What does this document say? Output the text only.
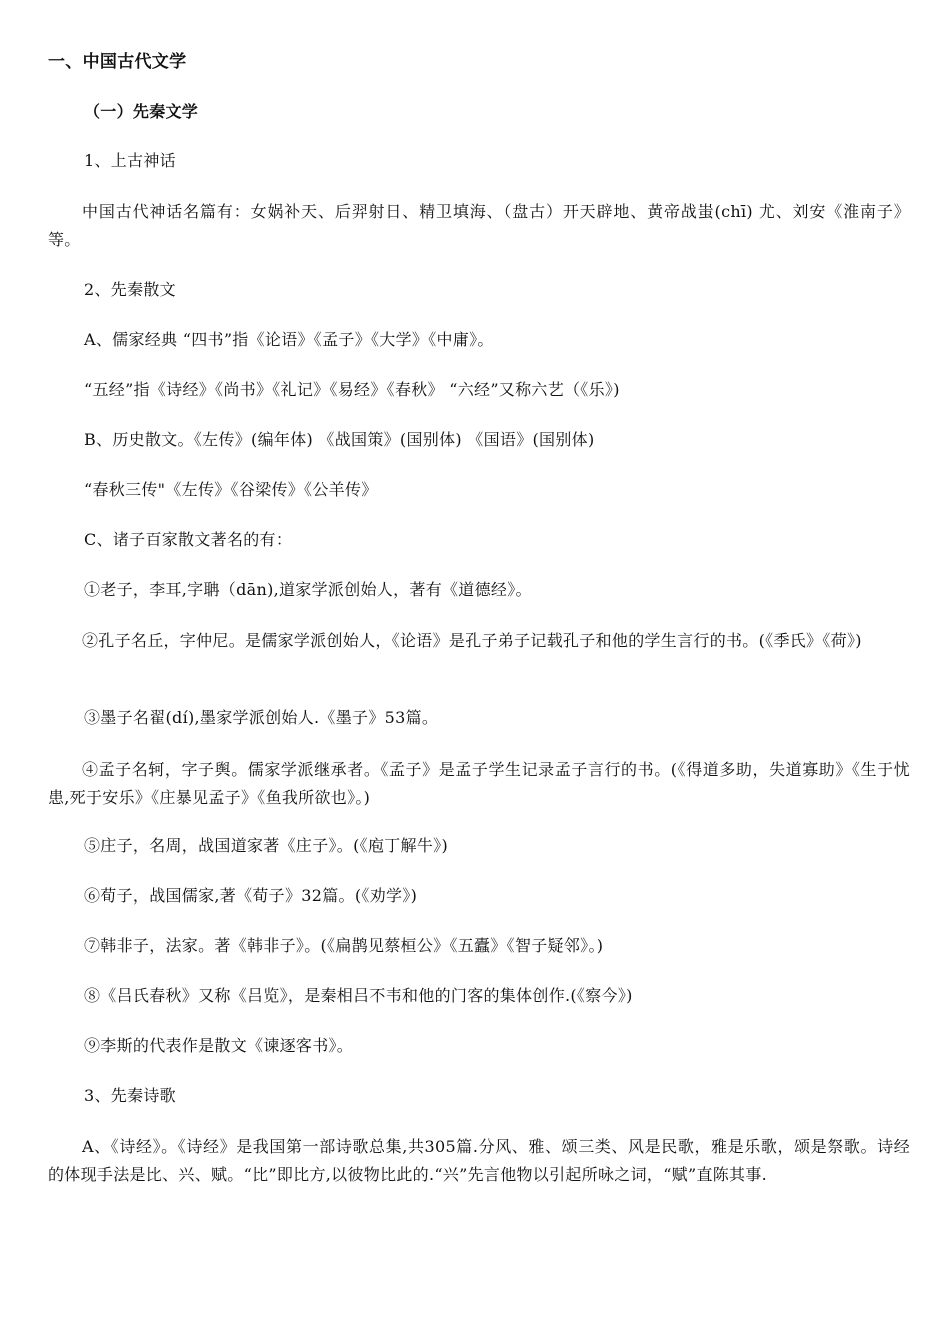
一、中国古代文学
（一）先秦文学
1、上古神话
中国古代神话名篇有：女娲补天、后羿射日、精卫填海、（盘古）开天辟地、黄帝战蚩(chī) 尤、刘安《淮南子》等。
2、先秦散文
A、儒家经典 “四书”指《论语》《孟子》《大学》《中庸》。
“五经”指《诗经》《尚书》《礼记》《易经》《春秋》 “六经”又称六艺（《乐》)
B、历史散文。《左传》(编年体) 《战国策》(国别体) 《国语》(国别体)
“春秋三传"《左传》《谷梁传》《公羊传》
C、诸子百家散文著名的有：
①老子，李耳,字聃（dān),道家学派创始人，著有《道德经》。
②孔子名丘，字仲尼。是儒家学派创始人，《论语》是孔子弟子记载孔子和他的学生言行的书。(《季氏》《荷》)
③墨子名翟(dí),墨家学派创始人.《墨子》53篇。
④孟子名轲，字子舆。儒家学派继承者。《孟子》是孟子学生记录孟子言行的书。(《得道多助，失道寡助》《生于忧患,死于安乐》《庄暴见孟子》《鱼我所欲也》。)
⑤庄子，名周，战国道家著《庄子》。(《庖丁解牛》)
⑥荀子，战国儒家,著《荀子》32篇。(《劝学》)
⑦韩非子，法家。著《韩非子》。(《扁鹊见蔡桓公》《五蠹》《智子疑邻》。)
⑧《吕氏春秋》又称《吕览》，是秦相吕不韦和他的门客的集体创作.(《察今》)
⑨李斯的代表作是散文《谏逐客书》。
3、先秦诗歌
A、《诗经》。《诗经》是我国第一部诗歌总集,共305篇.分风、雅、颂三类、风是民歌，雅是乐歌，颂是祭歌。诗经的体现手法是比、兴、赋。“比”即比方,以彼物比此的.“兴”先言他物以引起所咏之词，“赋”直陈其事.
